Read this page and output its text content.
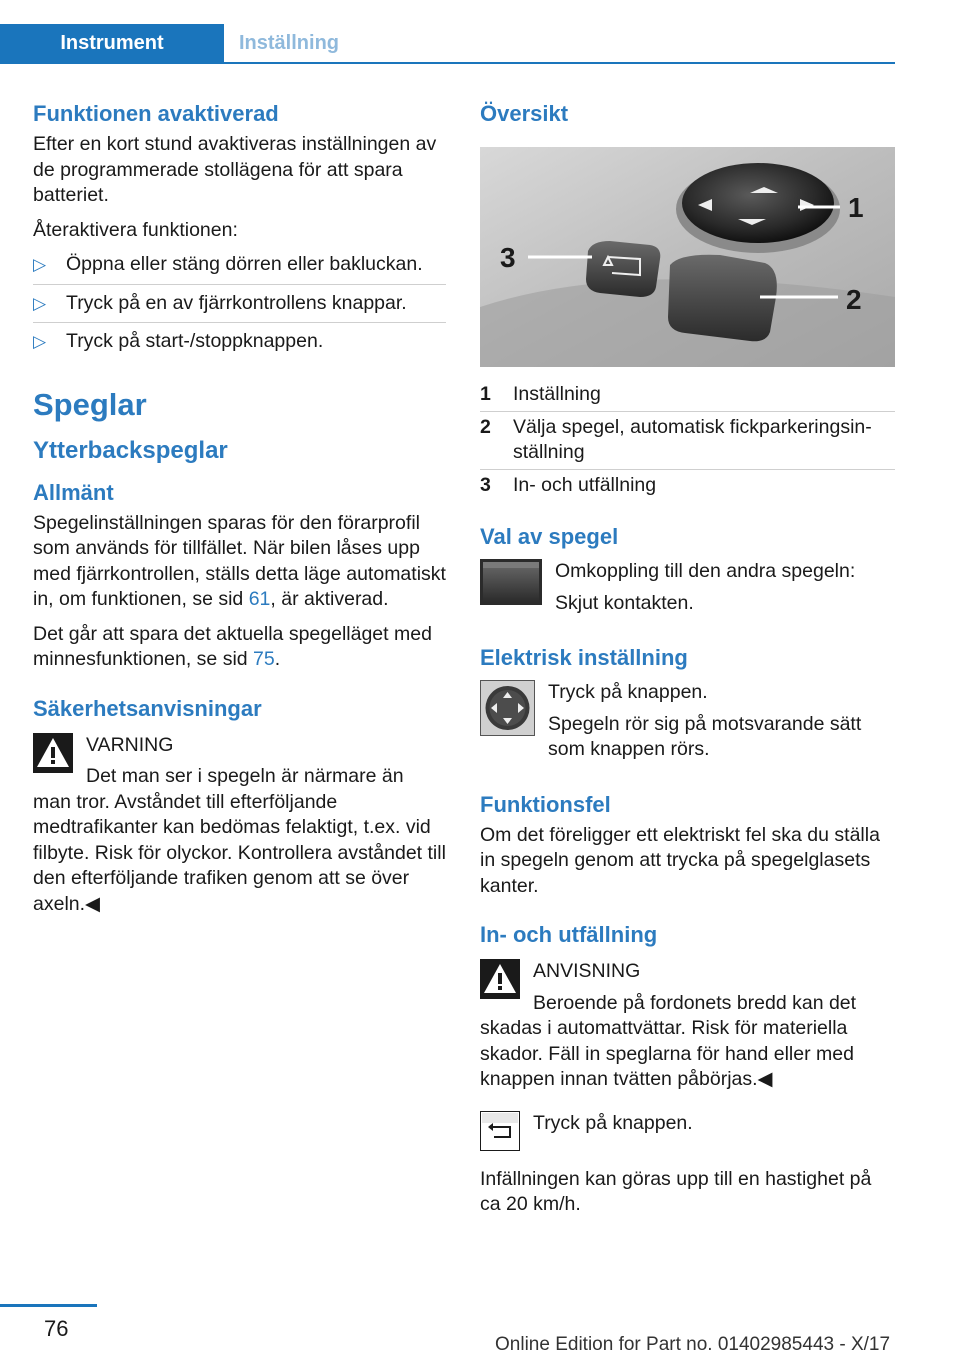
Instrument	Inställning
Funktionen avaktiverad

Efter en kort stund avaktiveras inställningen av de programmerade stollägena för att spara batteriet.

Återaktivera funktionen:

▷ Öppna eller stäng dörren eller bakluckan.
▷ Tryck på en av fjärrkontrollens knappar.
▷ Tryck på start-/stoppknappen.
Speglar
Ytterbackspeglar
Allmänt

Spegelinställningen sparas för den förarprofil som används för tillfället. När bilen låses upp med fjärrkontrollen, ställs detta läge automatiskt in, om funktionen, se sid 61, är aktiverad.

Det går att spara det aktuella spegelläget med minnesfunktionen, se sid 75.

Säkerhetsanvisningar
VARNING

Det man ser i spegeln är närmare än man tror. Avståndet till efterföljande medtrafikanter kan bedömas felaktigt, t.ex. vid filbyte. Risk för olyckor. Kontrollera avståndet till den efterföljande trafiken genom att se över axeln.◀

Översikt
1
2
3
1	Inställning
2	Välja spegel, automatisk fickparkeringsinställning
3	In- och utfällning
Val av spegel

Omkoppling till den andra spegeln:

Skjut kontakten.

Elektrisk inställning

Tryck på knappen.

Spegeln rör sig på motsvarande sätt som knappen rörs.

Funktionsfel

Om det föreligger ett elektriskt fel ska du ställa in spegeln genom att trycka på spegelglasets kanter.

In- och utfällning
ANVISNING

Beroende på fordonets bredd kan det skadas i automattvättar. Risk för materiella skador. Fäll in speglarna för hand eller med knappen innan tvätten påbörjas.◀

Tryck på knappen.

Infällningen kan göras upp till en hastighet på ca 20 km/h.

76
Online Edition for Part no. 01402985443 - X/17
